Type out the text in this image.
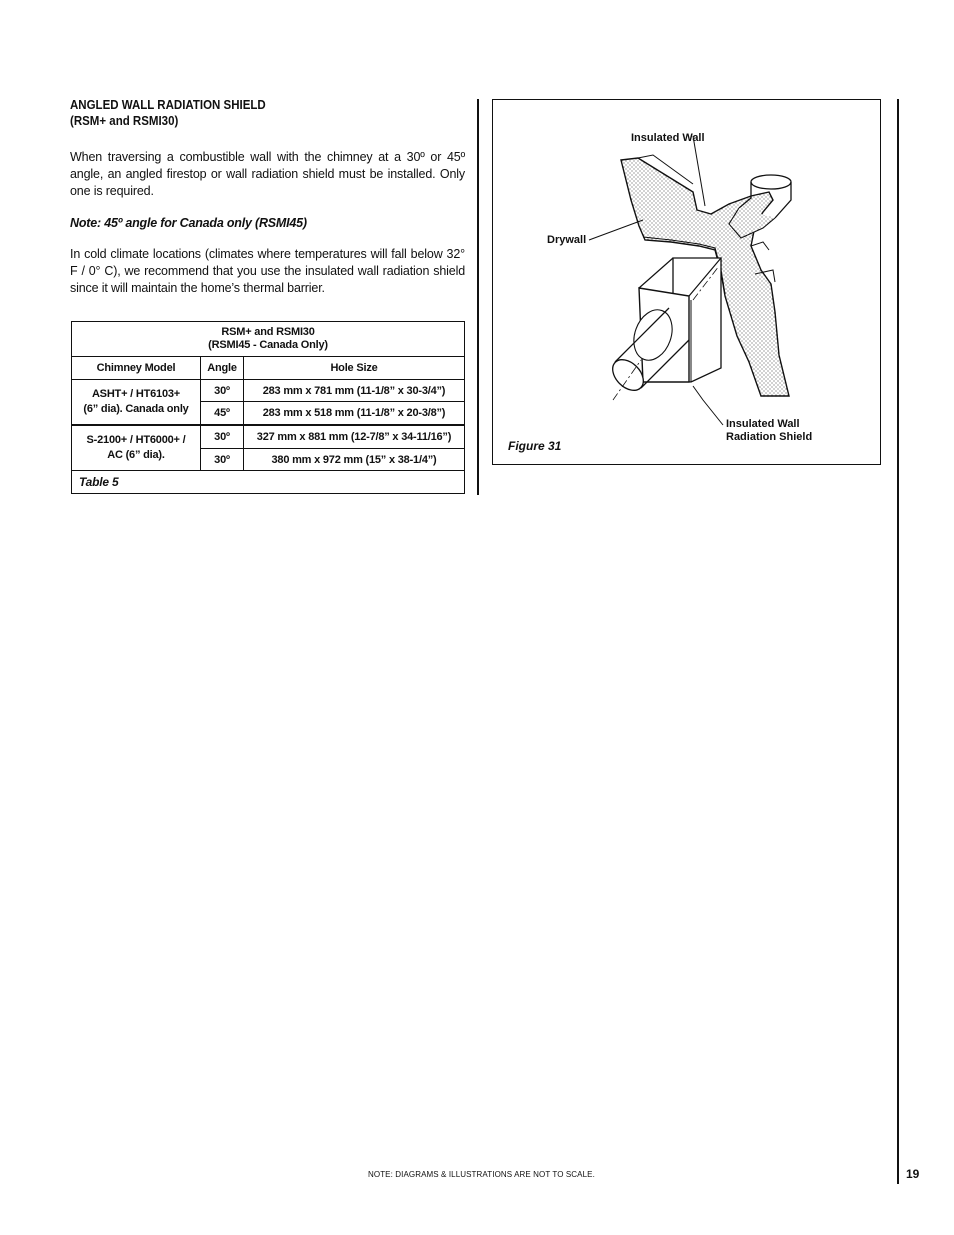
ANGLED WALL RADIATION SHIELD

(RSM+ and RSMI30)

When traversing a combustible wall with the chimney at a 30º or 45º angle, an angled firestop or wall radiation shield must be installed. Only one is required.

Note: 45º angle for Canada only (RSMI45)

In cold climate locations (climates where temperatures will fall below 32° F / 0° C), we recommend that you use the insulated wall radiation shield since it will maintain the home’s thermal barrier.

RSM+ and RSMI30
(RSMI45 - Canada Only)		
Chimney Model	Angle	Hole Size
ASHT+ / HT6103+
(6” dia). Canada only	30º	283 mm x 781 mm (11-1/8” x 30-3/4”)
	45º	283 mm x 518 mm (11-1/8” x 20-3/8”)
S-2100+ / HT6000+ /
AC (6” dia).	30º	327 mm x 881 mm (12-7/8” x 34-11/16”)
	30º	380 mm x 972 mm (15” x 38-1/4”)
Table 5		
Insulated Wall
Drywall
Insulated Wall
Radiation Shield
Figure 31
NOTE: DIAGRAMS & ILLUSTRATIONS ARE NOT TO SCALE.	19
